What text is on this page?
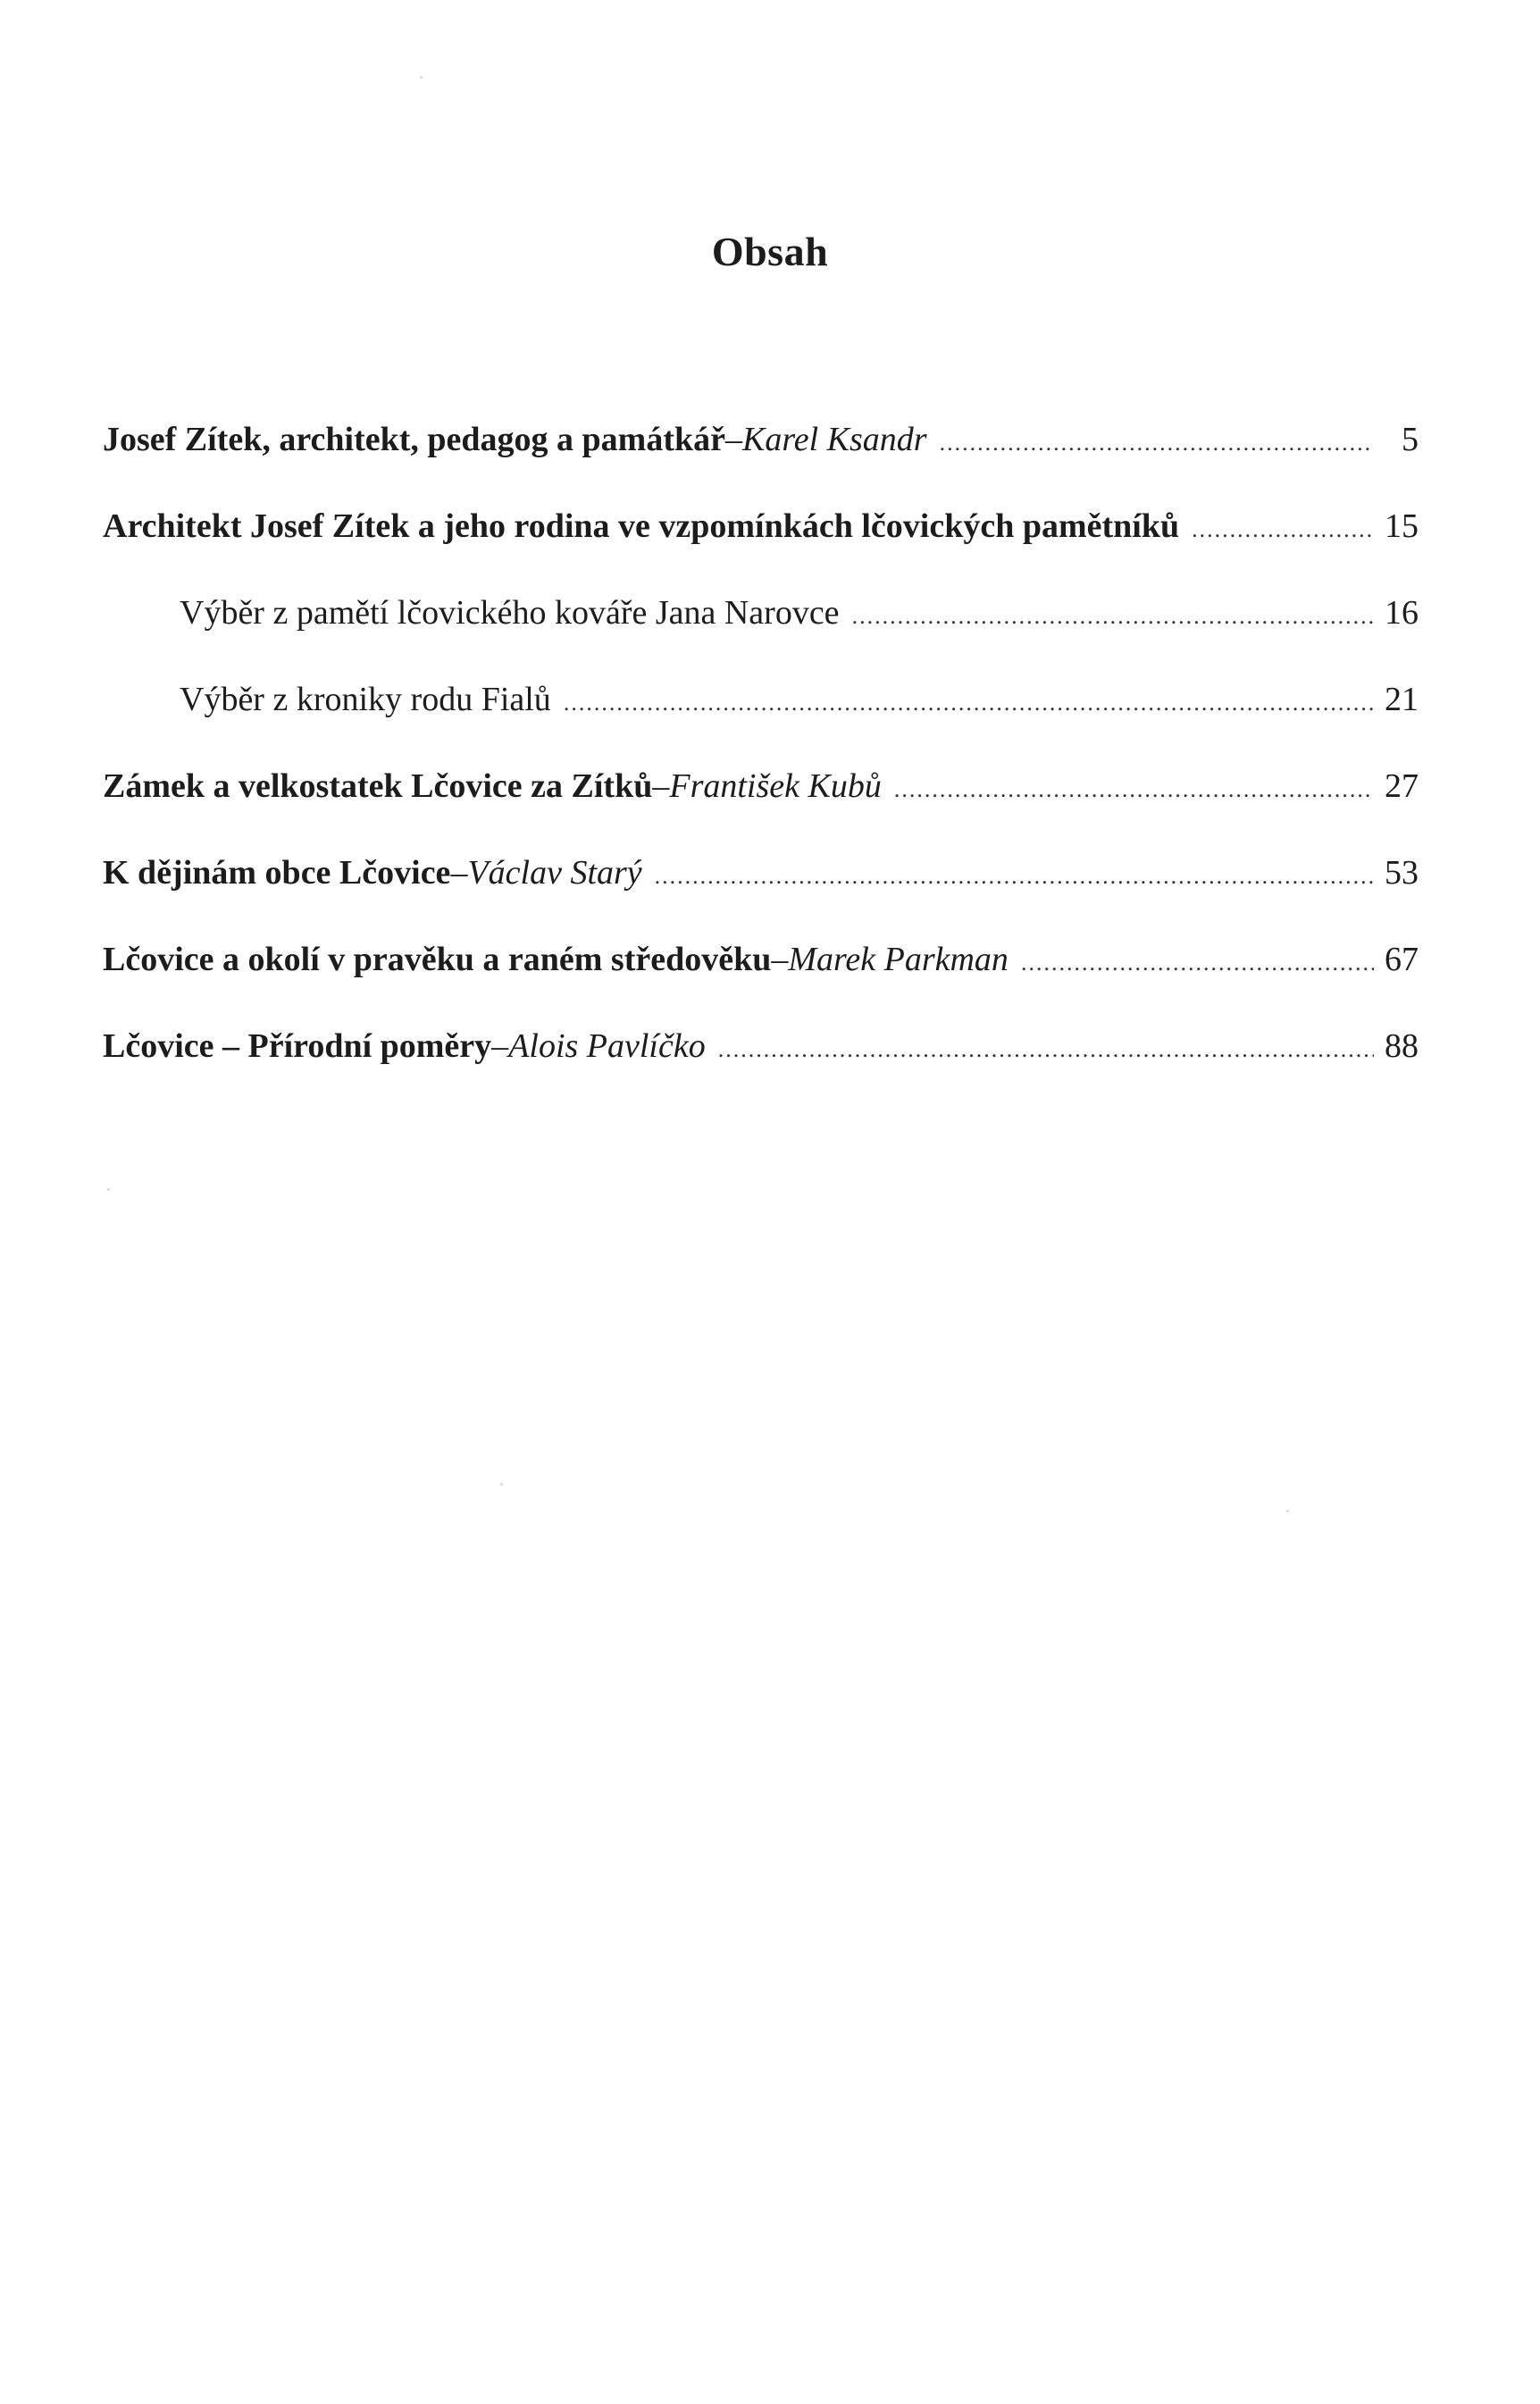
Obsah
Josef Zítek, architekt, pedagog a památkář – Karel Ksandr .....	5
Architekt Josef Zítek a jeho rodina ve vzpomínkách lčovických pamětníků .....	15
Výběr z pamětí lčovického kováře Jana Narovce .....	16
Výběr z kroniky rodu Fialů .....	21
Zámek a velkostatek Lčovice za Zítků – František Kubů .....	27
K dějinám obce Lčovice – Václav Starý .....	53
Lčovice a okolí v pravěku a raném středověku – Marek Parkman .....	67
Lčovice – Přírodní poměry – Alois Pavlíčko .....	88
